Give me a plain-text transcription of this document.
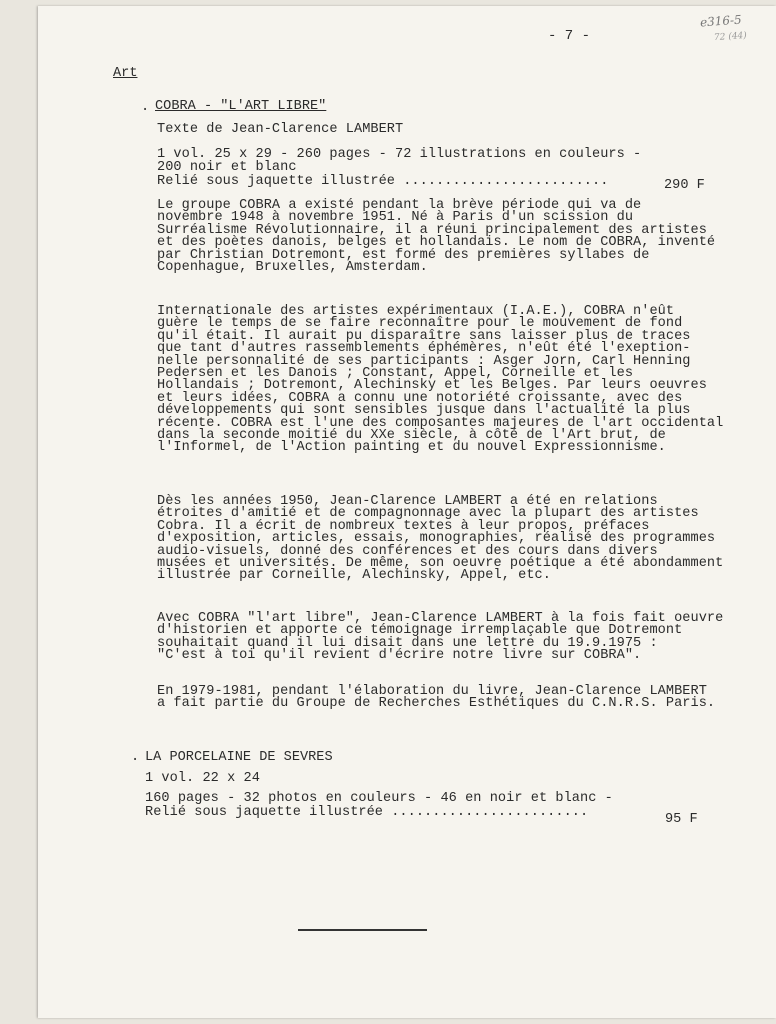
- 7 -
e316-5
72 (44)
Art
. COBRA - "L'ART LIBRE"
Texte de Jean-Clarence LAMBERT
1 vol. 25 x 29 - 260 pages - 72 illustrations en couleurs -
200 noir et blanc
Relié sous jaquette illustrée .........................	290 F
Le groupe COBRA a existé pendant la brève période qui va de
novembre 1948 à novembre 1951. Né à Paris d'un scission du
Surréalisme Révolutionnaire, il a réuni principalement des artistes
et des poètes danois, belges et hollandais. Le nom de COBRA, inventé
par Christian Dotremont, est formé des premières syllabes de
Copenhague, Bruxelles, Amsterdam.
Internationale des artistes expérimentaux (I.A.E.), COBRA n'eût
guère le temps de se faire reconnaître pour le mouvement de fond
qu'il était. Il aurait pu disparaître sans laisser plus de traces
que tant d'autres rassemblements éphémères, n'eût été l'exeption-
nelle personnalité de ses participants : Asger Jorn, Carl Henning
Pedersen et les Danois ; Constant, Appel, Corneille et les
Hollandais ; Dotremont, Alechinsky et les Belges. Par leurs oeuvres
et leurs idées, COBRA a connu une notoriété croissante, avec des
développements qui sont sensibles jusque dans l'actualité la plus
récente. COBRA est l'une des composantes majeures de l'art occidental
dans la seconde moitié du XXe siècle, à côté de l'Art brut, de
l'Informel, de l'Action painting et du nouvel Expressionnisme.
Dès les années 1950, Jean-Clarence LAMBERT a été en relations
étroites d'amitié et de compagnonnage avec la plupart des artistes
Cobra. Il a écrit de nombreux textes à leur propos, préfaces
d'exposition, articles, essais, monographies, réalisé des programmes
audio-visuels, donné des conférences et des cours dans divers
musées et universités. De même, son oeuvre poétique a été abondamment
illustrée par Corneille, Alechinsky, Appel, etc.
Avec COBRA "l'art libre", Jean-Clarence LAMBERT à la fois fait oeuvre
d'historien et apporte ce témoignage irremplaçable que Dotremont
souhaitait quand il lui disait dans une lettre du 19.9.1975 :
"C'est à toi qu'il revient d'écrire notre livre sur COBRA".
En 1979-1981, pendant l'élaboration du livre, Jean-Clarence LAMBERT
a fait partie du Groupe de Recherches Esthétiques du C.N.R.S. Paris.
. LA PORCELAINE DE SEVRES
1 vol. 22 x 24
160 pages - 32 photos en couleurs - 46 en noir et blanc -
Relié sous jaquette illustrée ........................	95 F
